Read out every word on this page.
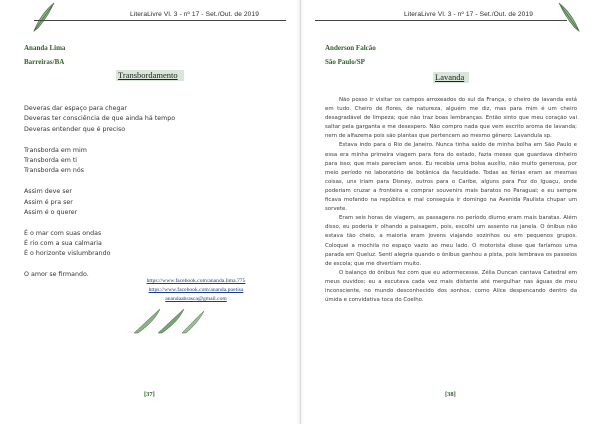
LiteraLivre Vl. 3 - nº 17 - Set./Out. de 2019
Ananda Lima
Barreiras/BA
Transbordamento
Deveras dar espaço para chegar
Deveras ter consciência de que ainda há tempo
Deveras entender que é preciso
Transborda em mim
Transborda em ti
Transborda em nós
Assim deve ser
Assim é pra ser
Assim é o querer
É o mar com suas ondas
É rio com a sua calmaria
É o horizonte vislumbrando
O amor se firmando.
https://www.facebook.com/ananda.lima.775
https://www.facebook.com/ananda.poetisa
anandaabrasca@gmail.com
[37]
LiteraLivre Vl. 3 - nº 17 - Set./Out. de 2019
Anderson Falcão
São Paulo/SP
Lavanda

Não posso ir visitar os campos arroxeados do sul da França, o cheiro de lavanda está em tudo. Cheiro de flores, de natureza, alguém me diz, mas para mim é um cheiro desagradável de limpeza; que não traz boas lembranças. Então sinto que meu coração vai saltar pela garganta e me desespero. Não compro nada que vem escrito aroma de lavanda; nem de alfazema pois são plantas que pertencem ao mesmo gênero: Lavandula sp.

Estava indo para o Rio de Janeiro. Nunca tinha saído de minha bolha em São Paulo e essa era minha primeira viagem para fora do estado, fazia meses que guardava dinheiro para isso; que mais pareciam anos. Eu recebia uma bolsa auxílio, não muito generosa, por meio período no laboratório de botânica da faculdade. Todas as férias eram as mesmas coisas, uns iriam para Disney, outros para o Caribe, alguns para Foz do Iguaçu, onde poderiam cruzar a fronteira e comprar souvenirs mais baratos no Paraguai; e eu sempre ficava mofando na república e mal conseguia ir domingo na Avenida Paulista chupar um sorvete.

Eram seis horas de viagem, as passagens no período diurno eram mais baratas. Além disso, eu poderia ir olhando a paisagem, pois, escolhi um assento na janela. O ônibus não estava tão cheio, a maioria eram jovens viajando sozinhos ou em pequenos grupos. Coloquei a mochila no espaço vazio ao meu lado. O motorista disse que faríamos uma parada em Queluz. Senti alegria quando o ônibus ganhou a pista, pois lembrava os passeios de escola; que me divertiam muito.

O balanço do ônibus fez com que eu adormecesse. Zélia Duncan cantava Catedral em meus ouvidos; eu a escutava cada vez mais distante até mergulhar nas águas de meu inconsciente, no mundo desconhecido dos sonhos, como Alice despencando dentro da úmida e convidativa toca do Coelho.

[38]
